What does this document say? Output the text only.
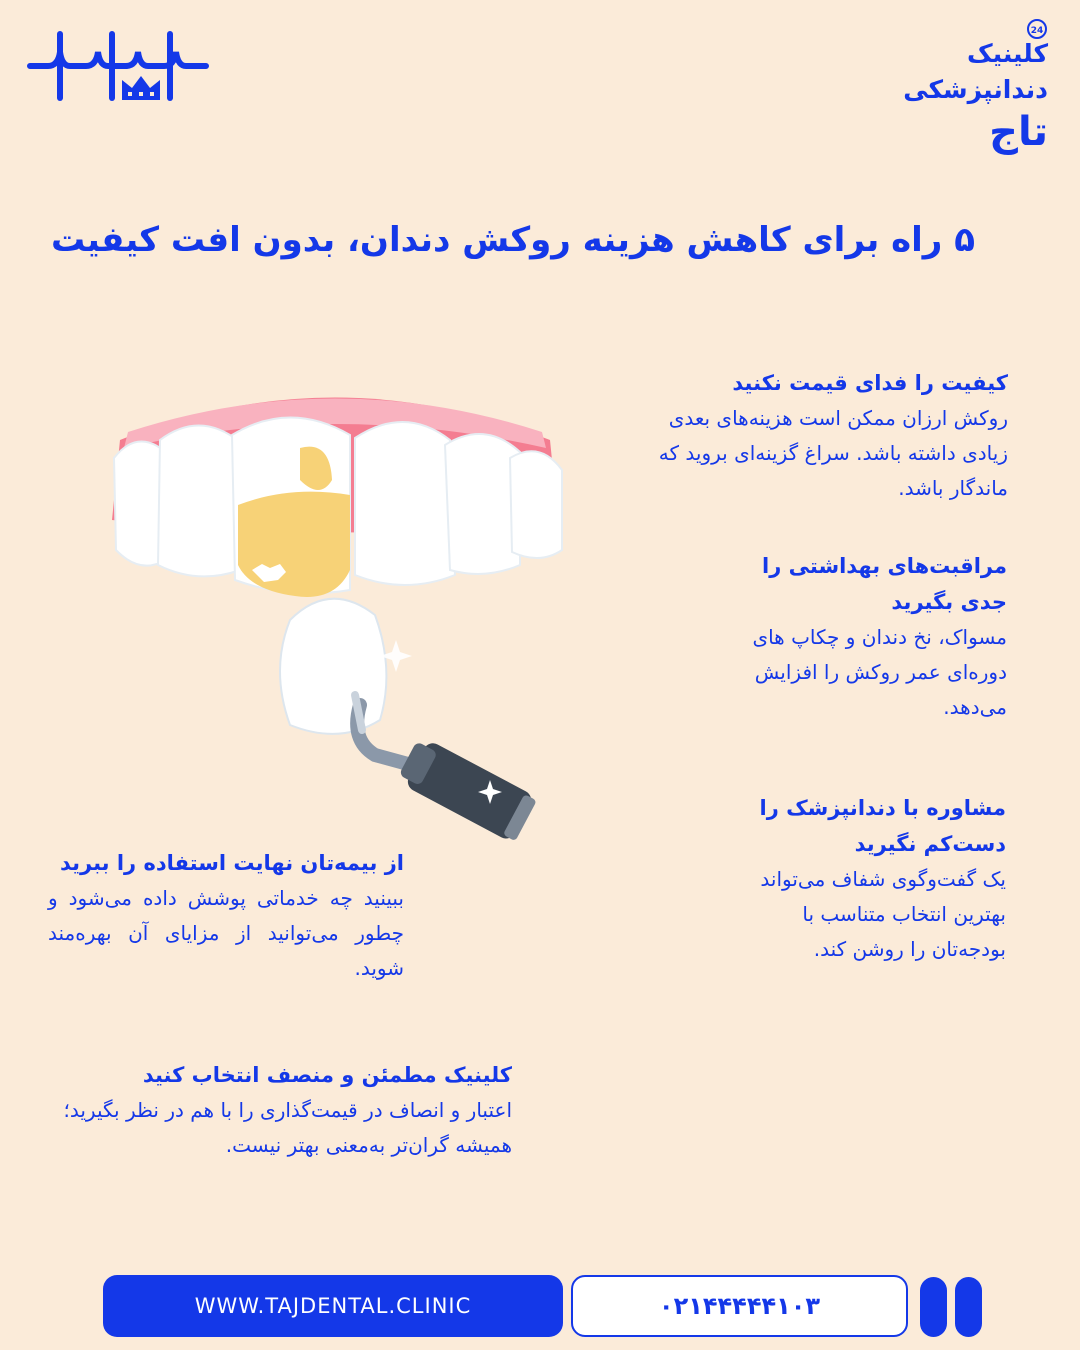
24
کلینیک دندانپزشکی
تاج
۵ راه برای کاهش هزینه روکش دندان، بدون افت کیفیت
کیفیت را فدای قیمت نکنید

روکش ارزان ممکن است هزینه‌های بعدی زیادی داشته باشد. سراغ گزینه‌ای بروید که ماندگار باشد.

مراقبت‌های بهداشتی را جدی بگیرید

مسواک، نخ دندان و چکاپ های دوره‌ای عمر روکش را افزایش می‌دهد.

مشاوره با دندانپزشک را دست‌کم نگیرید

یک گفت‌وگوی شفاف می‌تواند بهترین انتخاب متناسب با بودجه‌تان را روشن کند.

از بیمه‌تان نهایت استفاده را ببرید

ببینید چه خدماتی پوشش داده می‌شود و چطور می‌توانید از مزایای آن بهره‌مند شوید.

کلینیک مطمئن و منصف انتخاب کنید

اعتبار و انصاف در قیمت‌گذاری را با هم در نظر بگیرید؛ همیشه گران‌تر به‌معنی بهتر نیست.

WWW.TAJDENTAL.CLINIC	۰۲۱۴۴۴۴۴۱۰۳
